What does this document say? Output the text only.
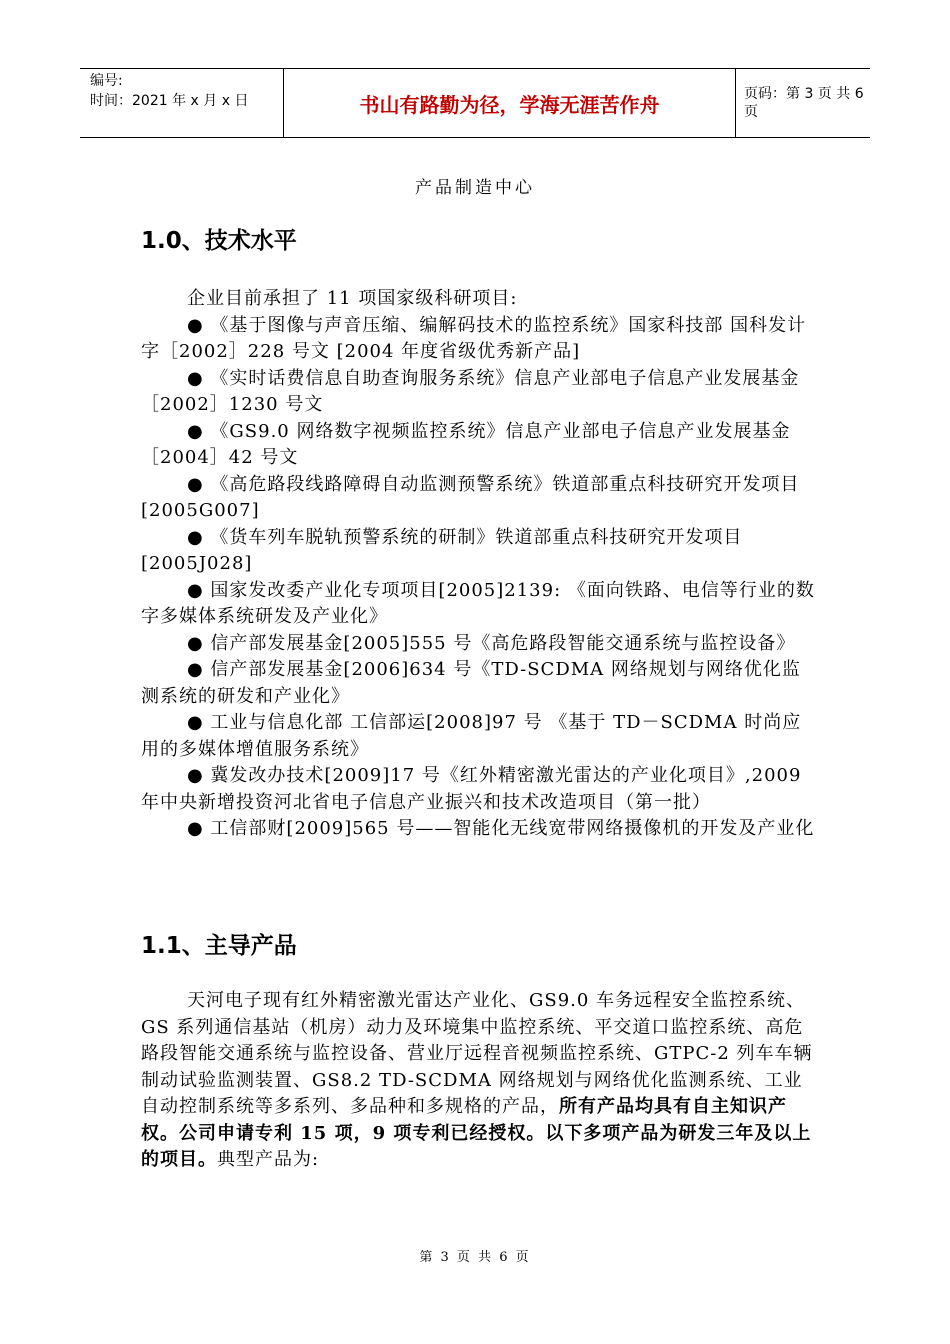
编号:
时间：2021 年 x 月 x 日	书山有路勤为径，学海无涯苦作舟	页码：第 3 页 共 6 页
产品制造中心
1.0、技术水平

企业目前承担了 11 项国家级科研项目:

● 《基于图像与声音压缩、编解码技术的监控系统》国家科技部 国科发计字［2002］228 号文 [2004 年度省级优秀新产品]

● 《实时话费信息自助查询服务系统》信息产业部电子信息产业发展基金［2002］1230 号文

● 《GS9.0 网络数字视频监控系统》信息产业部电子信息产业发展基金［2004］42 号文

● 《高危路段线路障碍自动监测预警系统》铁道部重点科技研究开发项目[2005G007]

● 《货车列车脱轨预警系统的研制》铁道部重点科技研究开发项目[2005J028]

● 国家发改委产业化专项项目[2005]2139: 《面向铁路、电信等行业的数字多媒体系统研发及产业化》

● 信产部发展基金[2005]555 号《高危路段智能交通系统与监控设备》

● 信产部发展基金[2006]634 号《TD-SCDMA 网络规划与网络优化监测系统的研发和产业化》

● 工业与信息化部 工信部运[2008]97 号 《基于 TD－SCDMA 时尚应用的多媒体增值服务系统》

● 冀发改办技术[2009]17 号《红外精密激光雷达的产业化项目》,2009 年中央新增投资河北省电子信息产业振兴和技术改造项目（第一批）

● 工信部财[2009]565 号——智能化无线宽带网络摄像机的开发及产业化

1.1、主导产品

天河电子现有红外精密激光雷达产业化、GS9.0 车务远程安全监控系统、GS 系列通信基站（机房）动力及环境集中监控系统、平交道口监控系统、高危路段智能交通系统与监控设备、营业厅远程音视频监控系统、GTPC-2 列车车辆制动试验监测装置、GS8.2 TD-SCDMA 网络规划与网络优化监测系统、工业自动控制系统等多系列、多品种和多规格的产品，所有产品均具有自主知识产权。公司申请专利 15 项，9 项专利已经授权。以下多项产品为研发三年及以上的项目。典型产品为:

第 3 页 共 6 页
